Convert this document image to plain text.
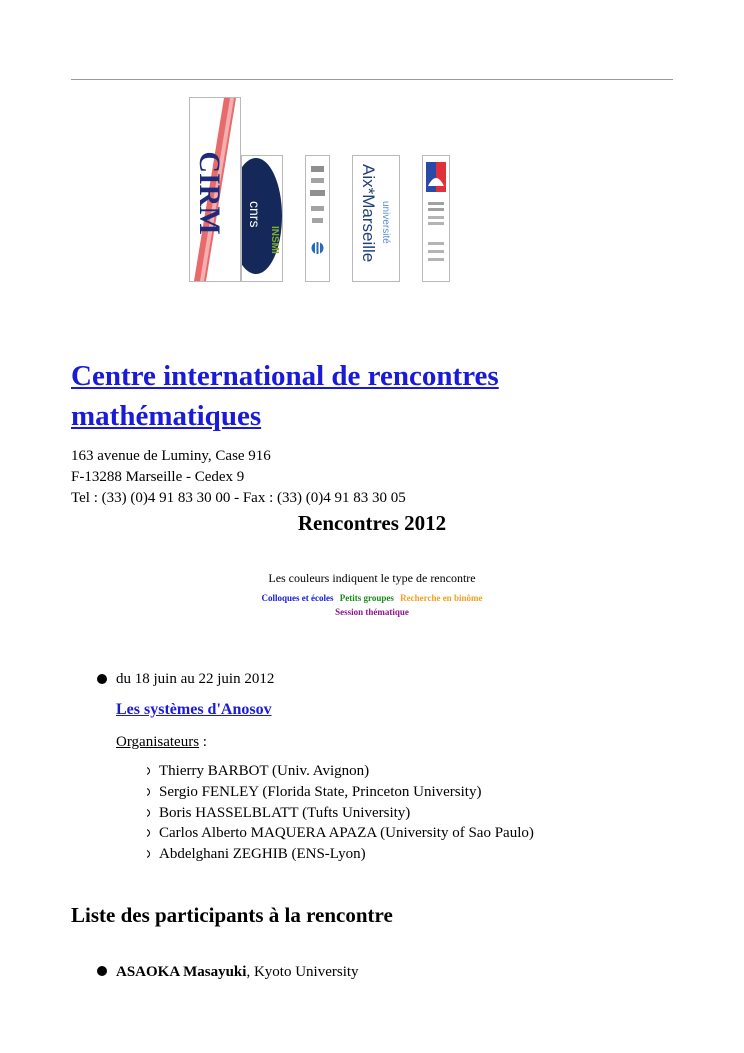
CIRM cnrs
INSMI	Aix*Marseille université
Centre international de rencontres mathématiques
163 avenue de Luminy, Case 916
F-13288 Marseille - Cedex 9
Tel : (33) (0)4 91 83 30 00 - Fax : (33) (0)4 91 83 30 05
Rencontres 2012
Les couleurs indiquent le type de rencontre
Colloques et écoles Petits groupes Recherche en binôme
Session thématique
du 18 juin au 22 juin 2012
Les systèmes d'Anosov
Organisateurs :
Thierry BARBOT (Univ. Avignon)
Sergio FENLEY (Florida State, Princeton University)
Boris HASSELBLATT (Tufts University)
Carlos Alberto MAQUERA APAZA (University of Sao Paulo)
Abdelghani ZEGHIB (ENS-Lyon)
Liste des participants à la rencontre
ASAOKA Masayuki, Kyoto University
